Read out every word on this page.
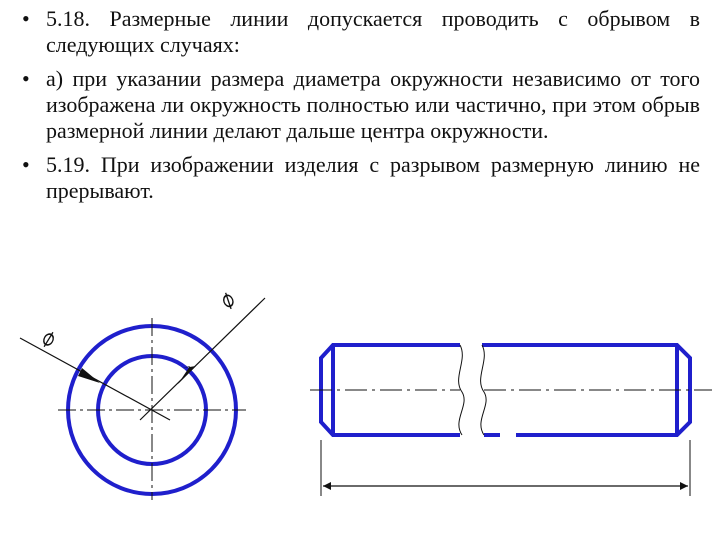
• 5.18. Размерные линии допускается проводить с обрывом в следующих случаях:
• а) при указании размера диаметра окружности независимо от того изображена ли окружность полностью или частично, при этом обрыв размерной линии делают дальше центра окружности.
• 5.19. При изображении изделия с разрывом размерную линию не прерывают.
⌀
⌀
